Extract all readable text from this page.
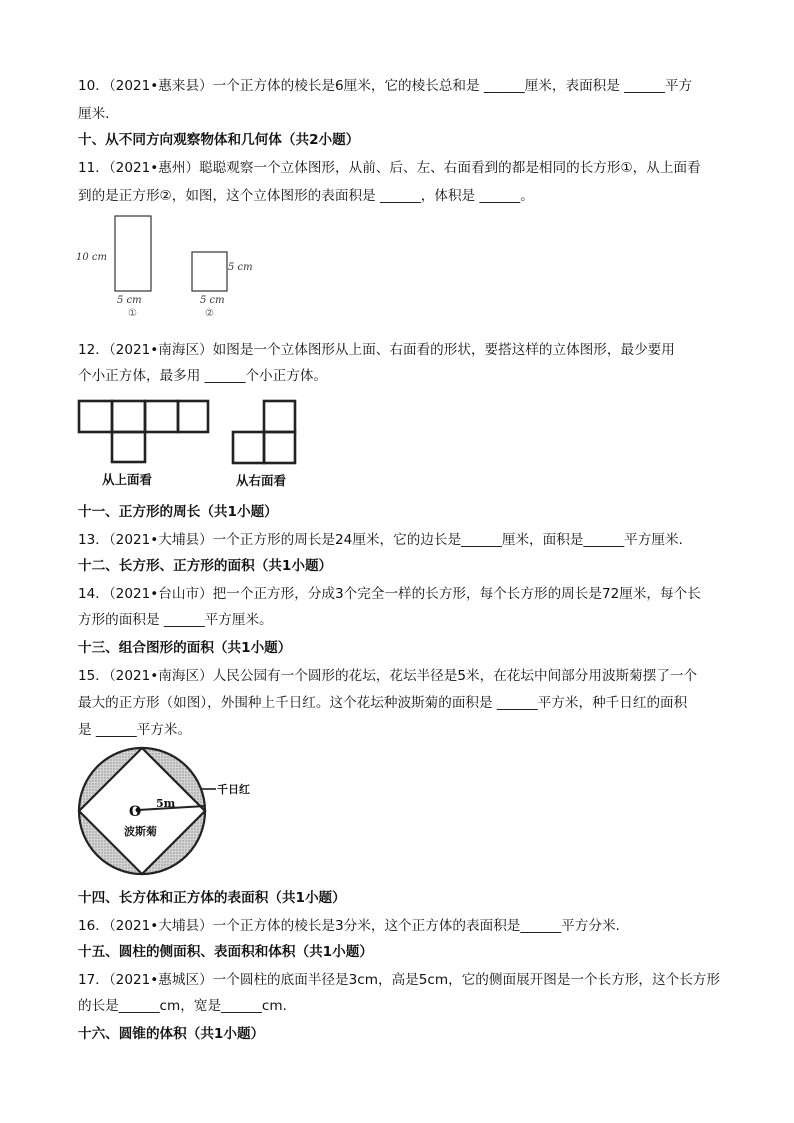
10．（2021•惠来县）一个正方体的棱长是6厘米，它的棱长总和是 ______厘米，表面积是 ______平方
厘米.
十、从不同方向观察物体和几何体（共2小题）
11．（2021•惠州）聪聪观察一个立体图形，从前、后、左、右面看到的都是相同的长方形①，从上面看
到的是正方形②，如图，这个立体图形的表面积是 ______，体积是 ______。
10 cm
5 cm
①
5 cm
5 cm
②
12．（2021•南海区）如图是一个立体图形从上面、右面看的形状，要搭这样的立体图形，最少要用
个小正方体，最多用 ______个小正方体。
从上面看	从右面看
十一、正方形的周长（共1小题）
13．（2021•大埔县）一个正方形的周长是24厘米，它的边长是______厘米，面积是______平方厘米.
十二、长方形、正方形的面积（共1小题）
14．（2021•台山市）把一个正方形，分成3个完全一样的长方形，每个长方形的周长是72厘米，每个长
方形的面积是 ______平方厘米。
十三、组合图形的面积（共1小题）
15．（2021•南海区）人民公园有一个圆形的花坛，花坛半径是5米，在花坛中间部分用波斯菊摆了一个
最大的正方形（如图），外围种上千日红。这个花坛种波斯菊的面积是 ______平方米，种千日红的面积
是 ______平方米。
O
5m
千日红
波斯菊
十四、长方体和正方体的表面积（共1小题）
16．（2021•大埔县）一个正方体的棱长是3分米，这个正方体的表面积是______平方分米.
十五、圆柱的侧面积、表面积和体积（共1小题）
17．（2021•惠城区）一个圆柱的底面半径是3cm，高是5cm，它的侧面展开图是一个长方形，这个长方形
的长是______cm，宽是______cm.
十六、圆锥的体积（共1小题）
